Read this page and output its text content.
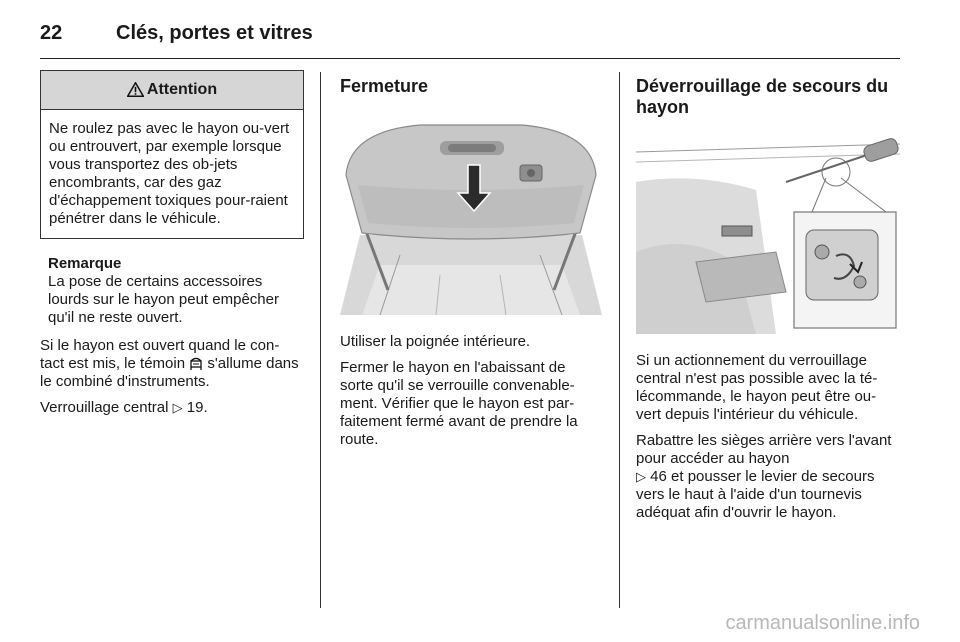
22	Clés, portes et vitres
Attention
Ne roulez pas avec le hayon ou-vert ou entrouvert, par exemple lorsque vous transportez des ob-jets encombrants, car des gaz d'échappement toxiques pour-raient pénétrer dans le véhicule.
Remarque
La pose de certains accessoires lourds sur le hayon peut empêcher qu'il ne reste ouvert.

Si le hayon est ouvert quand le con-tact est mis, le témoin s'allume dans le combiné d'instruments.

Verrouillage central ▷ 19.

Fermeture

Utiliser la poignée intérieure.

Fermer le hayon en l'abaissant de sorte qu'il se verrouille convenable-ment. Vérifier que le hayon est par-faitement fermé avant de prendre la route.

Déverrouillage de secours du hayon

Si un actionnement du verrouillage central n'est pas possible avec la té-lécommande, le hayon peut être ou-vert depuis l'intérieur du véhicule.

Rabattre les sièges arrière vers l'avant pour accéder au hayon
▷ 46 et pousser le levier de secours vers le haut à l'aide d'un tournevis adéquat afin d'ouvrir le hayon.

carmanualsonline.info
